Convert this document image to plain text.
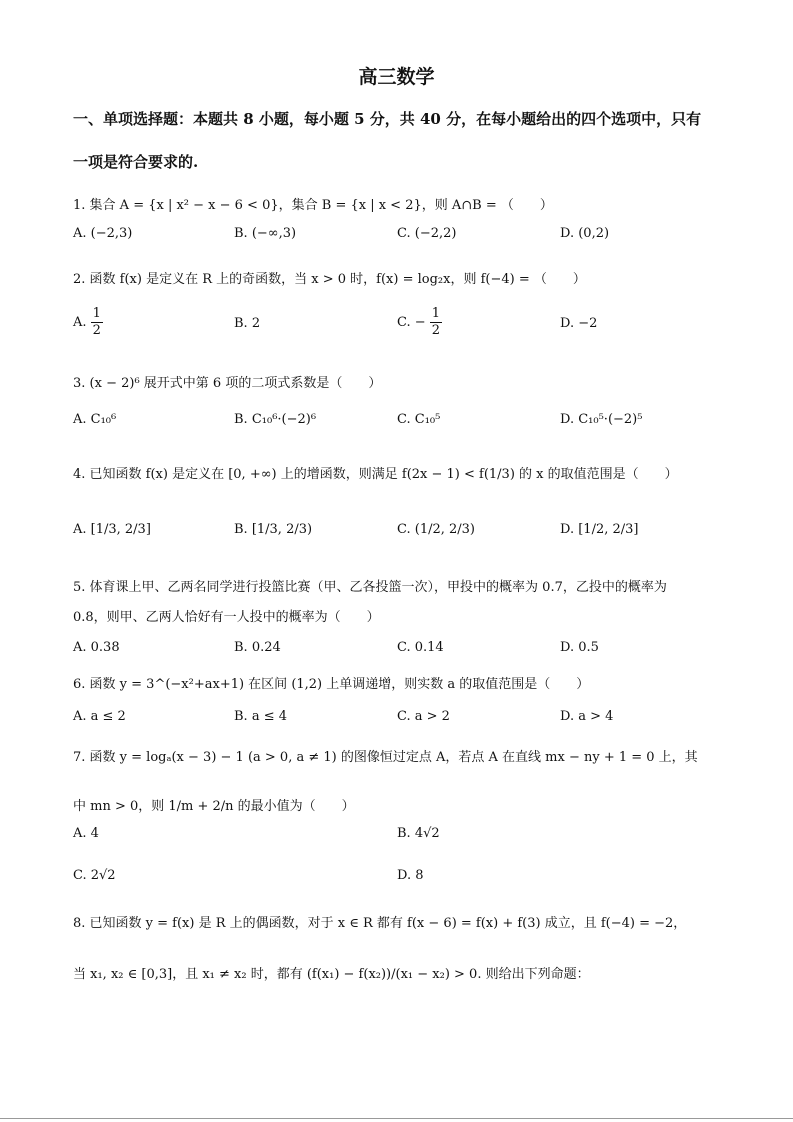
高三数学
一、单项选择题：本题共 8 小题，每小题 5 分，共 40 分，在每小题给出的四个选项中，只有
一项是符合要求的.
1. 集合 A = {x | x² − x − 6 < 0}，集合 B = {x | x < 2}，则 A∩B = （　　）
A. (−2,3)	B. (−∞,3)	C. (−2,2)	D. (0,2)
2. 函数 f(x) 是定义在 R 上的奇函数，当 x > 0 时，f(x) = log₂x，则 f(−4) = （　　）
A. $\frac{1}{2}$	B. 2	C. − $\frac{1}{2}$	D. −2
3. (x − 2)⁶ 展开式中第 6 项的二项式系数是（　　）
A. C₁₀⁶	B. C₁₀⁶·(−2)⁶	C. C₁₀⁵	D. C₁₀⁵·(−2)⁵
4. 已知函数 f(x) 是定义在 [0, +∞) 上的增函数，则满足 f(2x − 1) < f(1/3) 的 x 的取值范围是（　　）
A. [1/3, 2/3]	B. [1/3, 2/3)	C. (1/2, 2/3)	D. [1/2, 2/3]
5. 体育课上甲、乙两名同学进行投篮比赛（甲、乙各投篮一次），甲投中的概率为 0.7，乙投中的概率为
0.8，则甲、乙两人恰好有一人投中的概率为（　　）
A. 0.38	B. 0.24	C. 0.14	D. 0.5
6. 函数 y = 3^(−x²+ax+1) 在区间 (1,2) 上单调递增，则实数 a 的取值范围是（　　）
A. a ≤ 2	B. a ≤ 4	C. a > 2	D. a > 4
7. 函数 y = logₐ(x − 3) − 1 (a > 0, a ≠ 1) 的图像恒过定点 A，若点 A 在直线 mx − ny + 1 = 0 上，其
中 mn > 0，则 1/m + 2/n 的最小值为（　　）
A. 4	B. 4√2
C. 2√2	D. 8
8. 已知函数 y = f(x) 是 R 上的偶函数，对于 x ∈ R 都有 f(x − 6) = f(x) + f(3) 成立，且 f(−4) = −2，
当 x₁, x₂ ∈ [0,3]，且 x₁ ≠ x₂ 时，都有 (f(x₁) − f(x₂))/(x₁ − x₂) > 0. 则给出下列命题：
